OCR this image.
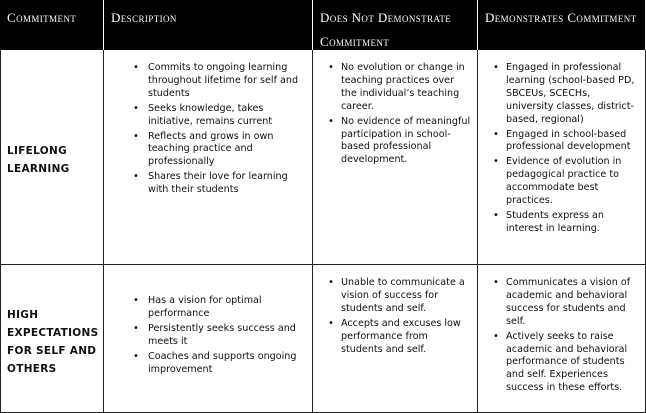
Commitment	Description	Does Not Demonstrate Commitment
Demonstrates Commitment
LIFELONG LEARNING
• Commits to ongoing learning throughout lifetime for self and students
• Seeks knowledge, takes initiative, remains current
• Reflects and grows in own teaching practice and professionally
• Shares their love for learning with their students
• No evolution or change in teaching practices over the individual’s teaching career.
• No evidence of meaningful participation in school-based professional development.
• Engaged in professional learning (school-based PD, SBCEUs, SCECHs, university classes, district-based, regional)
• Engaged in school-based professional development
• Evidence of evolution in pedagogical practice to accommodate best practices.
• Students express an interest in learning.
HIGH EXPECTATIONS FOR SELF AND OTHERS
• Has a vision for optimal performance
• Persistently seeks success and meets it
• Coaches and supports ongoing improvement
• Unable to communicate a vision of success for students and self.
• Accepts and excuses low performance from students and self.
• Communicates a vision of academic and behavioral success for students and self.
• Actively seeks to raise academic and behavioral performance of students and self. Experiences success in these efforts.
